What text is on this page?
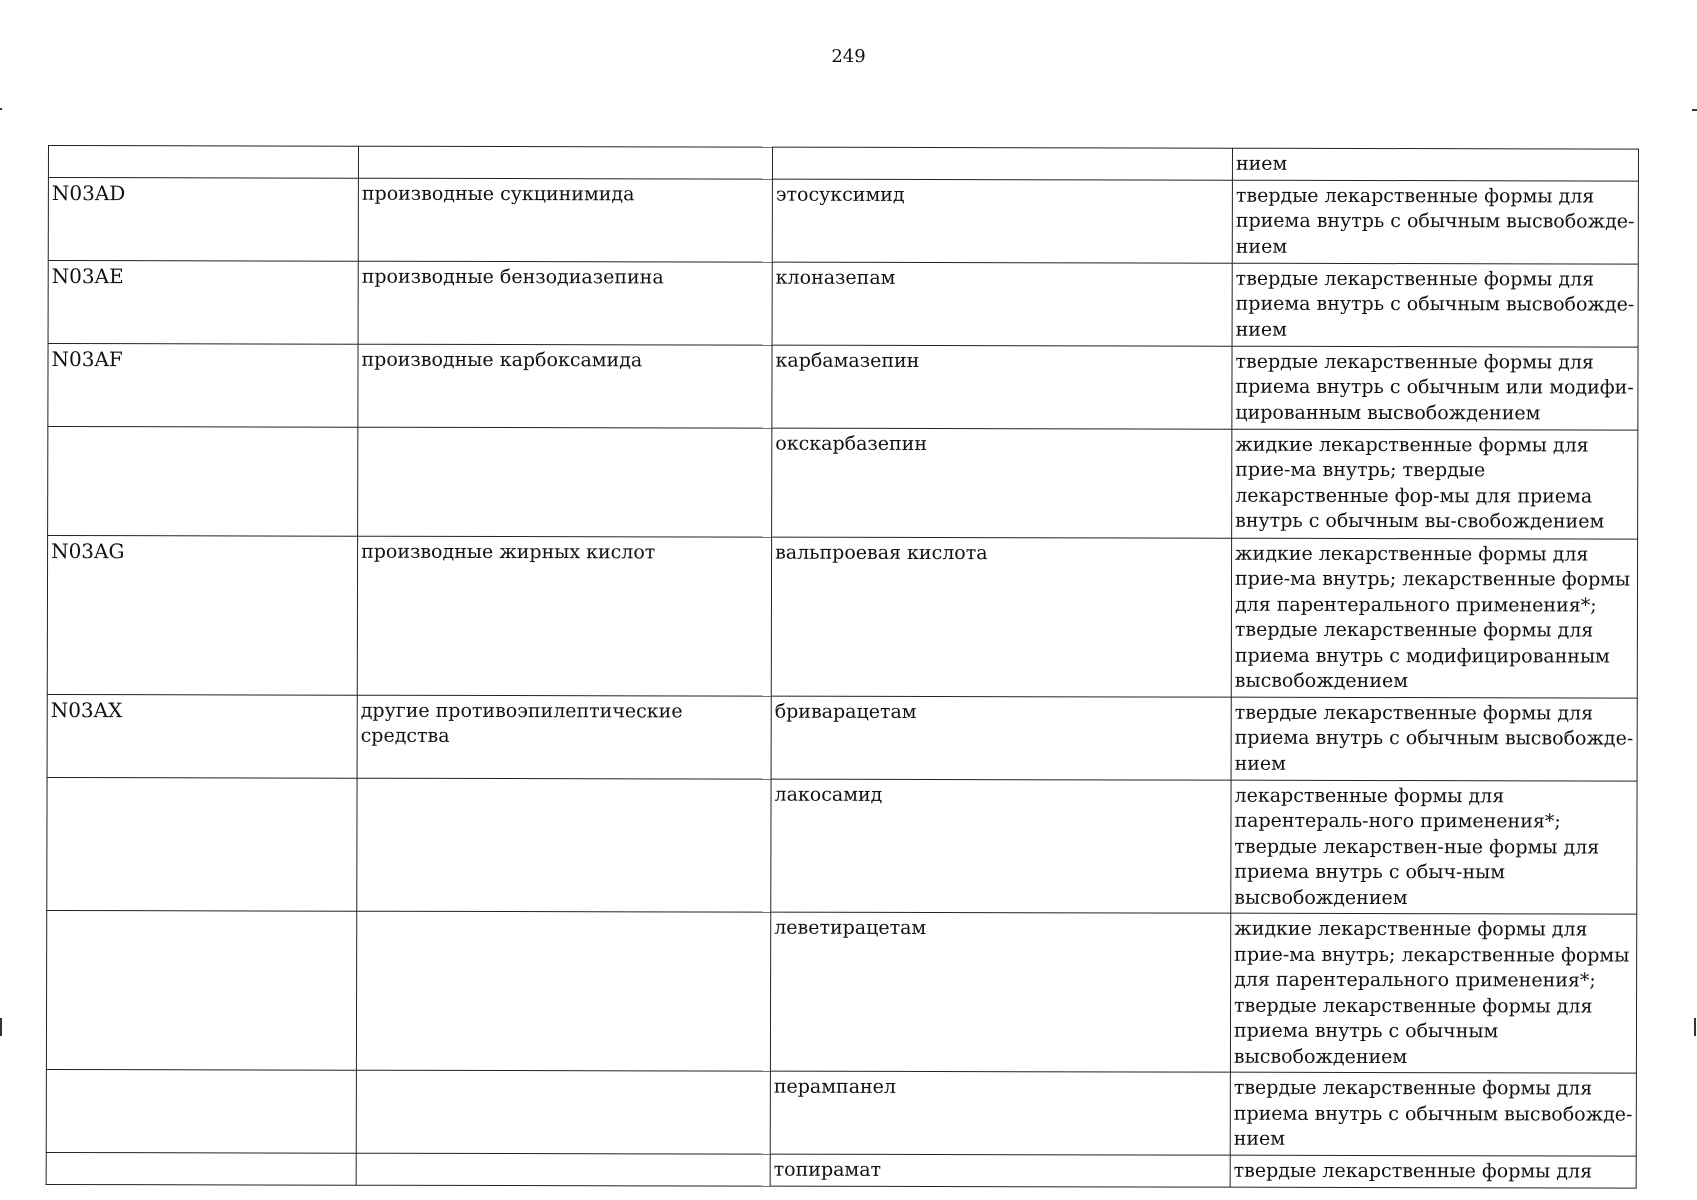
249
			нием
N03AD	производные сукцинимида	этосуксимид	твердые лекарственные формы для приема внутрь с обычным высвобожде-нием
N03AE	производные бензодиазепина	клоназепам	твердые лекарственные формы для приема внутрь с обычным высвобожде-нием
N03AF	производные карбоксамида	карбамазепин	твердые лекарственные формы для приема внутрь с обычным или модифи-цированным высвобождением
		окскарбазепин	жидкие лекарственные формы для прие-ма внутрь; твердые лекарственные фор-мы для приема внутрь с обычным вы-свобождением
N03AG	производные жирных кислот	вальпроевая кислота	жидкие лекарственные формы для прие-ма внутрь; лекарственные формы для парентерального применения*; твердые лекарственные формы для приема внутрь с модифицированным высвобождением
N03AX	другие противоэпилептические средства	бриварацетам	твердые лекарственные формы для приема внутрь с обычным высвобожде-нием
		лакосамид	лекарственные формы для парентераль-ного применения*; твердые лекарствен-ные формы для приема внутрь с обыч-ным высвобождением
		леветирацетам	жидкие лекарственные формы для прие-ма внутрь; лекарственные формы для парентерального применения*; твердые лекарственные формы для приема внутрь с обычным высвобождением
		перампанел	твердые лекарственные формы для приема внутрь с обычным высвобожде-нием
		топирамат	твердые лекарственные формы для
